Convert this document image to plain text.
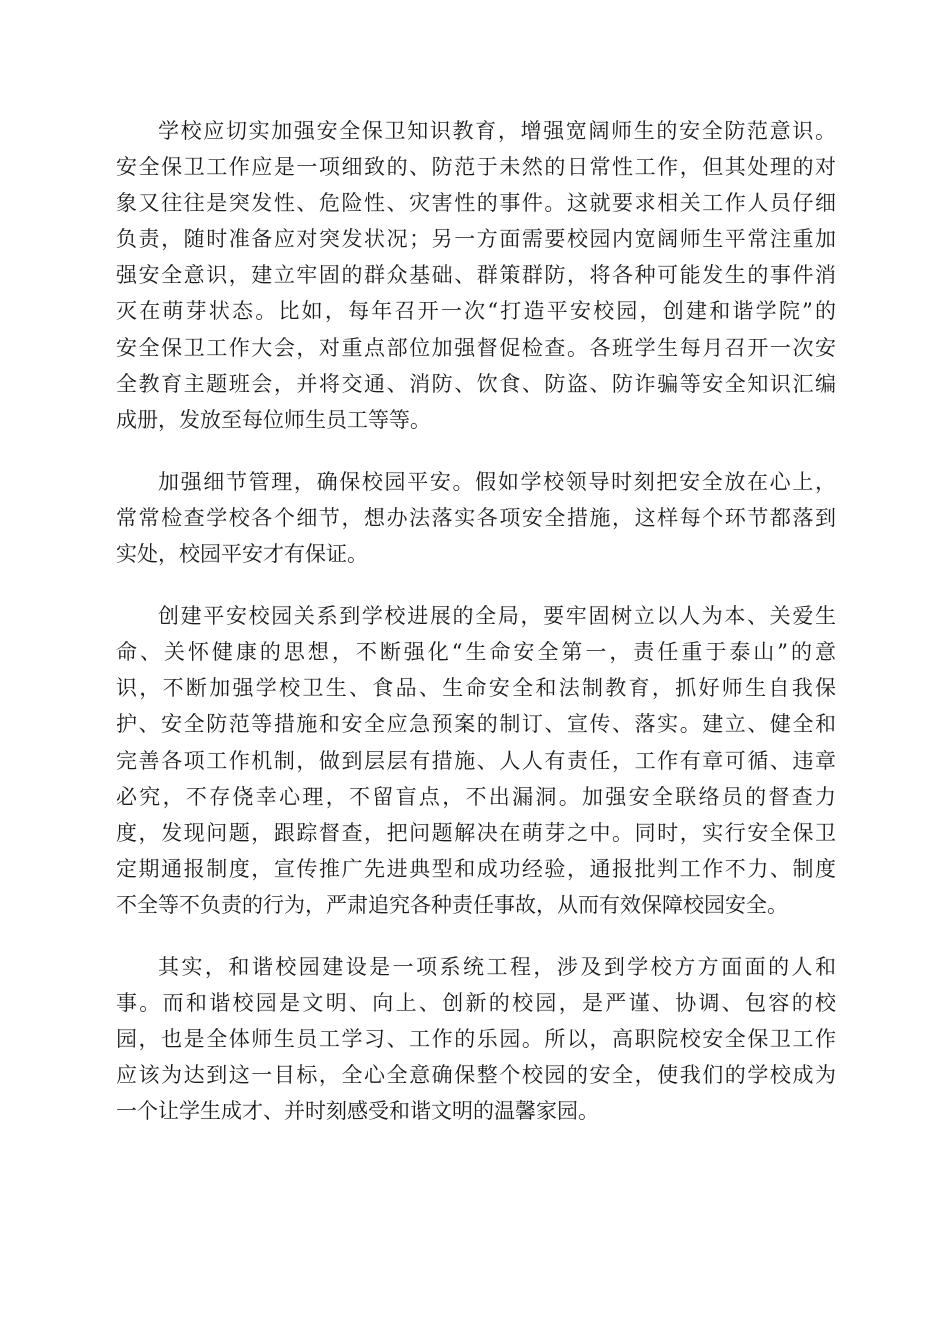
学校应切实加强安全保卫知识教育，增强宽阔师生的安全防范意识。
安全保卫工作应是一项细致的、防范于未然的日常性工作，但其处理的对
象又往往是突发性、危险性、灾害性的事件。这就要求相关工作人员仔细
负责，随时准备应对突发状况；另一方面需要校园内宽阔师生平常注重加
强安全意识，建立牢固的群众基础、群策群防，将各种可能发生的事件消
灭在萌芽状态。比如，每年召开一次“打造平安校园，创建和谐学院”的
安全保卫工作大会，对重点部位加强督促检查。各班学生每月召开一次安
全教育主题班会，并将交通、消防、饮食、防盗、防诈骗等安全知识汇编
成册，发放至每位师生员工等等。

加强细节管理，确保校园平安。假如学校领导时刻把安全放在心上，
常常检查学校各个细节，想办法落实各项安全措施，这样每个环节都落到
实处，校园平安才有保证。

创建平安校园关系到学校进展的全局，要牢固树立以人为本、关爱生
命、关怀健康的思想，不断强化“生命安全第一，责任重于泰山”的意
识，不断加强学校卫生、食品、生命安全和法制教育，抓好师生自我保
护、安全防范等措施和安全应急预案的制订、宣传、落实。建立、健全和
完善各项工作机制，做到层层有措施、人人有责任，工作有章可循、违章
必究，不存侥幸心理，不留盲点，不出漏洞。加强安全联络员的督查力
度，发现问题，跟踪督查，把问题解决在萌芽之中。同时，实行安全保卫
定期通报制度，宣传推广先进典型和成功经验，通报批判工作不力、制度
不全等不负责的行为，严肃追究各种责任事故，从而有效保障校园安全。

其实，和谐校园建设是一项系统工程，涉及到学校方方面面的人和
事。而和谐校园是文明、向上、创新的校园，是严谨、协调、包容的校
园，也是全体师生员工学习、工作的乐园。所以，高职院校安全保卫工作
应该为达到这一目标，全心全意确保整个校园的安全，使我们的学校成为
一个让学生成才、并时刻感受和谐文明的温馨家园。
